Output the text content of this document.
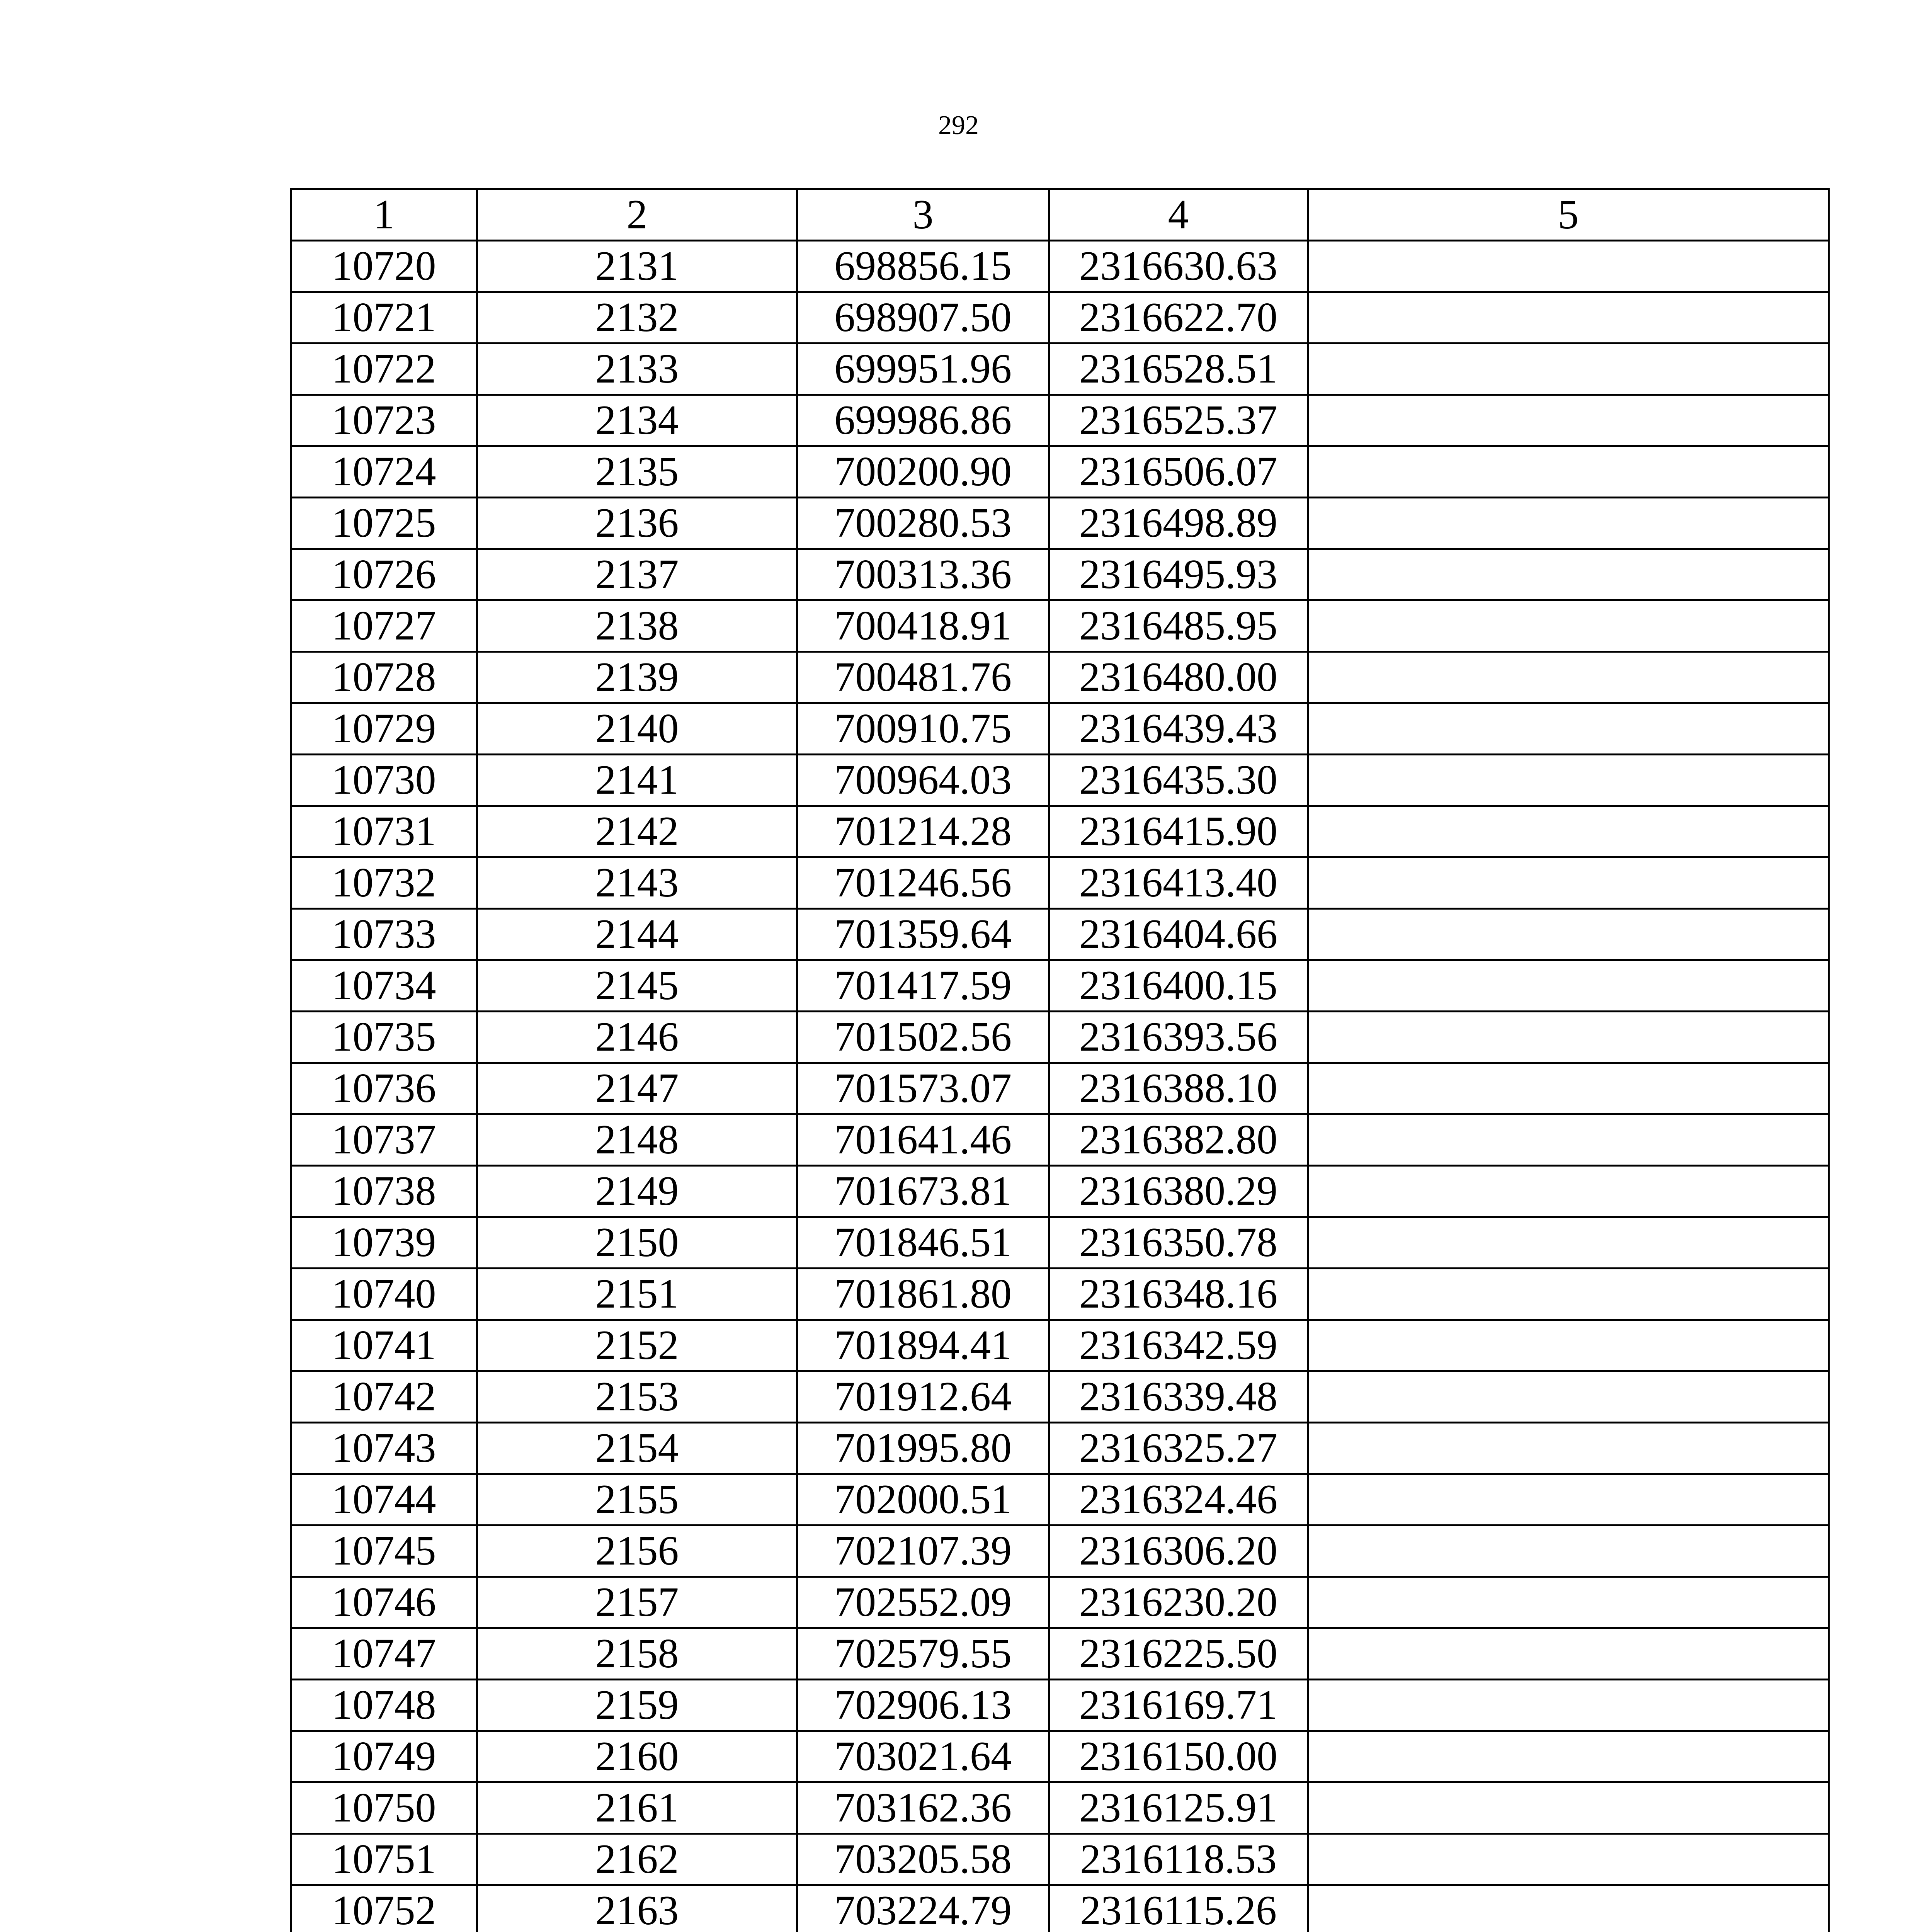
292
1	2	3	4	5
10720	2131	698856.15	2316630.63	
10721	2132	698907.50	2316622.70	
10722	2133	699951.96	2316528.51	
10723	2134	699986.86	2316525.37	
10724	2135	700200.90	2316506.07	
10725	2136	700280.53	2316498.89	
10726	2137	700313.36	2316495.93	
10727	2138	700418.91	2316485.95	
10728	2139	700481.76	2316480.00	
10729	2140	700910.75	2316439.43	
10730	2141	700964.03	2316435.30	
10731	2142	701214.28	2316415.90	
10732	2143	701246.56	2316413.40	
10733	2144	701359.64	2316404.66	
10734	2145	701417.59	2316400.15	
10735	2146	701502.56	2316393.56	
10736	2147	701573.07	2316388.10	
10737	2148	701641.46	2316382.80	
10738	2149	701673.81	2316380.29	
10739	2150	701846.51	2316350.78	
10740	2151	701861.80	2316348.16	
10741	2152	701894.41	2316342.59	
10742	2153	701912.64	2316339.48	
10743	2154	701995.80	2316325.27	
10744	2155	702000.51	2316324.46	
10745	2156	702107.39	2316306.20	
10746	2157	702552.09	2316230.20	
10747	2158	702579.55	2316225.50	
10748	2159	702906.13	2316169.71	
10749	2160	703021.64	2316150.00	
10750	2161	703162.36	2316125.91	
10751	2162	703205.58	2316118.53	
10752	2163	703224.79	2316115.26	
